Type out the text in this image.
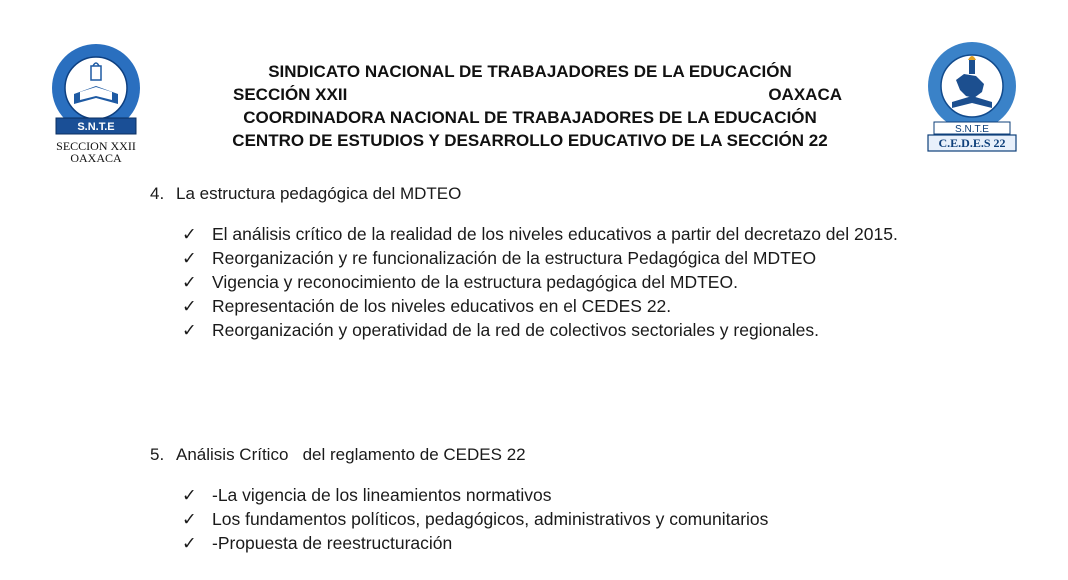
S.N.T.E
SECCION XXII
OAXACA
SINDICATO NACIONAL DE TRABAJADORES DE LA EDUCACIÓN
SECCIÓN XXII	OAXACA
COORDINADORA NACIONAL DE TRABAJADORES DE LA EDUCACIÓN
CENTRO DE ESTUDIOS Y DESARROLLO EDUCATIVO DE LA SECCIÓN 22
S.N.T.E
C.E.D.E.S 22
4. La estructura pedagógica del MDTEO
✓ El análisis crítico de la realidad de los niveles educativos a partir del decretazo del 2015.
✓ Reorganización y re funcionalización de la estructura Pedagógica del MDTEO
✓ Vigencia y reconocimiento de la estructura pedagógica del MDTEO.
✓ Representación de los niveles educativos en el CEDES 22.
✓ Reorganización y operatividad de la red de colectivos sectoriales y regionales.
5. Análisis Crítico   del reglamento de CEDES 22
✓ -La vigencia de los lineamientos normativos
✓ Los fundamentos políticos, pedagógicos, administrativos y comunitarios
✓ -Propuesta de reestructuración
